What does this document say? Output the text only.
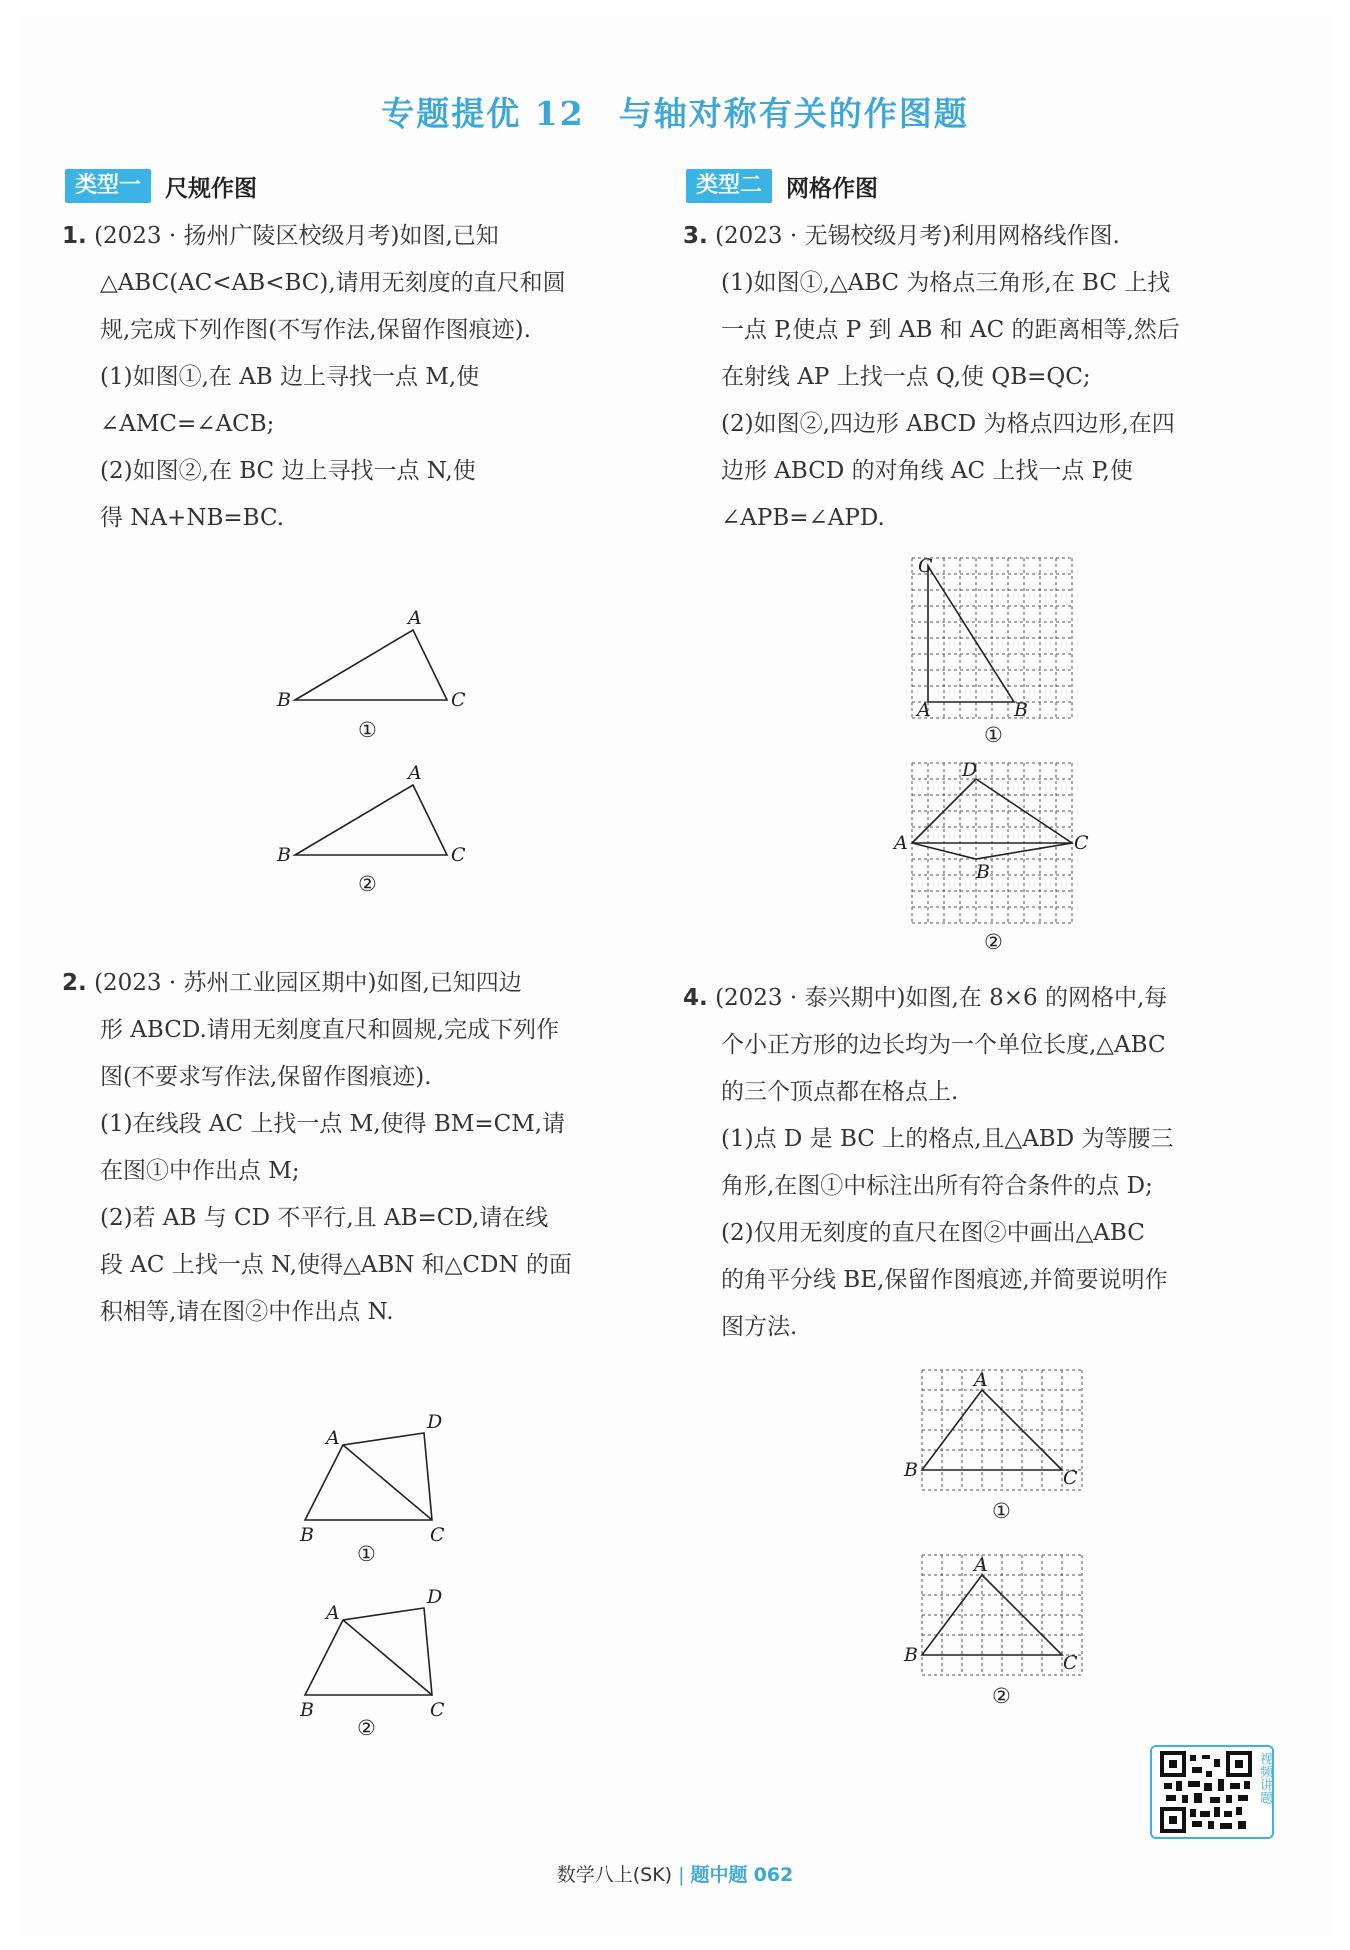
专题提优 12 与轴对称有关的作图题
类型一	尺规作图	类型二	网格作图

1. (2023 · 扬州广陵区校级月考)如图,已知

△ABC(AC<AB<BC),请用无刻度的直尺和圆

规,完成下列作图(不写作法,保留作图痕迹).

(1)如图①,在 AB 边上寻找一点 M,使

∠AMC=∠ACB;

(2)如图②,在 BC 边上寻找一点 N,使

得 NA+NB=BC.

A
B	C
①
A
B	C
②

2. (2023 · 苏州工业园区期中)如图,已知四边

形 ABCD.请用无刻度直尺和圆规,完成下列作

图(不要求写作法,保留作图痕迹).

(1)在线段 AC 上找一点 M,使得 BM=CM,请

在图①中作出点 M;

(2)若 AB 与 CD 不平行,且 AB=CD,请在线

段 AC 上找一点 N,使得△ABN 和△CDN 的面

积相等,请在图②中作出点 N.

A
D
B	C
①
A
D
B	C
②

3. (2023 · 无锡校级月考)利用网格线作图.

(1)如图①,△ABC 为格点三角形,在 BC 上找

一点 P,使点 P 到 AB 和 AC 的距离相等,然后

在射线 AP 上找一点 Q,使 QB=QC;

(2)如图②,四边形 ABCD 为格点四边形,在四

边形 ABCD 的对角线 AC 上找一点 P,使

∠APB=∠APD.

C
A	B
①
D
A	C
B
②

4. (2023 · 泰兴期中)如图,在 8×6 的网格中,每

个小正方形的边长均为一个单位长度,△ABC

的三个顶点都在格点上.

(1)点 D 是 BC 上的格点,且△ABD 为等腰三

角形,在图①中标注出所有符合条件的点 D;

(2)仅用无刻度的直尺在图②中画出△ABC

的角平分线 BE,保留作图痕迹,并简要说明作

图方法.

A
B	C
①
A
B	C
②
视频讲题
数学八上(SK) | 题中题 062
